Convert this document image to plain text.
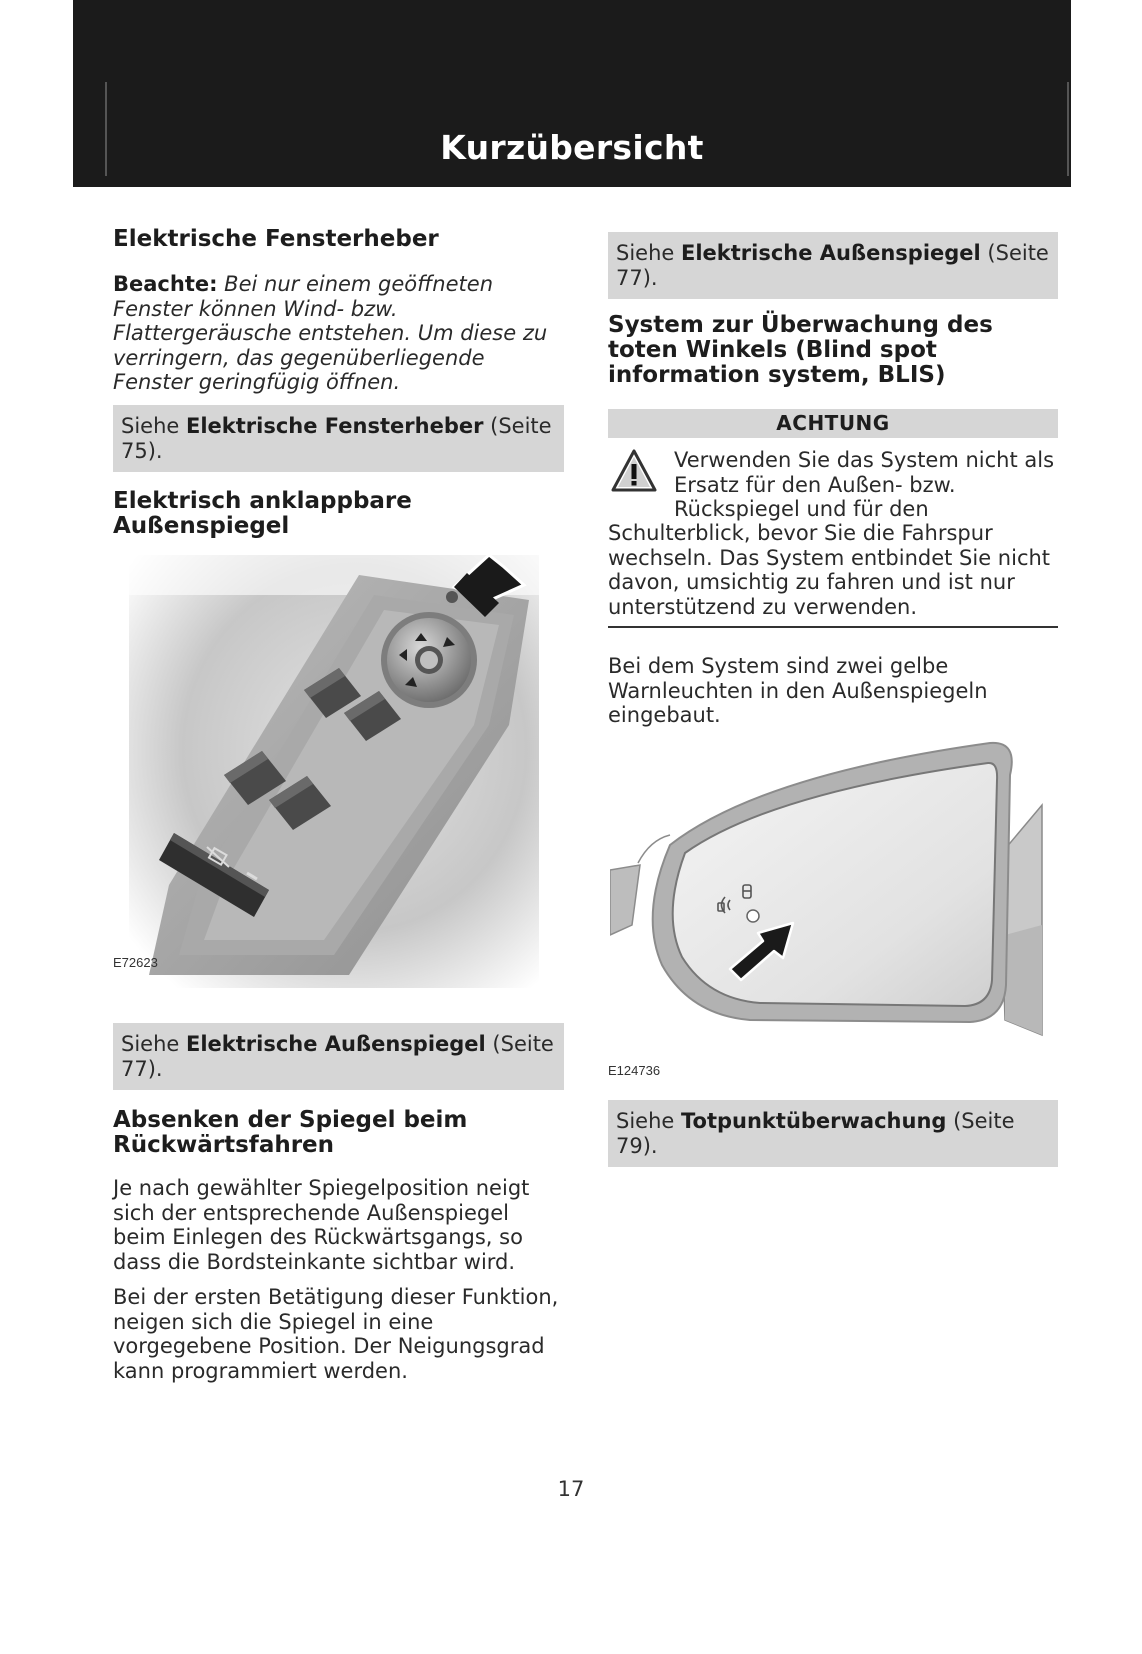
Kurzübersicht
Elektrische Fensterheber

Beachte: Bei nur einem geöffneten Fenster können Wind- bzw. Flattergeräusche entstehen. Um diese zu verringern, das gegenüberliegende Fenster geringfügig öffnen.

Siehe Elektrische Fensterheber (Seite 75).
Elektrisch anklappbare Außenspiegel
E72623
Siehe Elektrische Außenspiegel (Seite 77).
Absenken der Spiegel beim Rückwärtsfahren

Je nach gewählter Spiegelposition neigt sich der entsprechende Außenspiegel beim Einlegen des Rückwärtsgangs, so dass die Bordsteinkante sichtbar wird.

Bei der ersten Betätigung dieser Funktion, neigen sich die Spiegel in eine vorgegebene Position. Der Neigungsgrad kann programmiert werden.

Siehe Elektrische Außenspiegel (Seite 77).
System zur Überwachung des toten Winkels (Blind spot information system, BLIS)
ACHTUNG

Verwenden Sie das System nicht als Ersatz für den Außen- bzw. Rückspiegel und für den

Schulterblick, bevor Sie die Fahrspur wechseln. Das System entbindet Sie nicht davon, umsichtig zu fahren und ist nur unterstützend zu verwenden.

Bei dem System sind zwei gelbe Warnleuchten in den Außenspiegeln eingebaut.

E124736
Siehe Totpunktüberwachung (Seite 79).
17
